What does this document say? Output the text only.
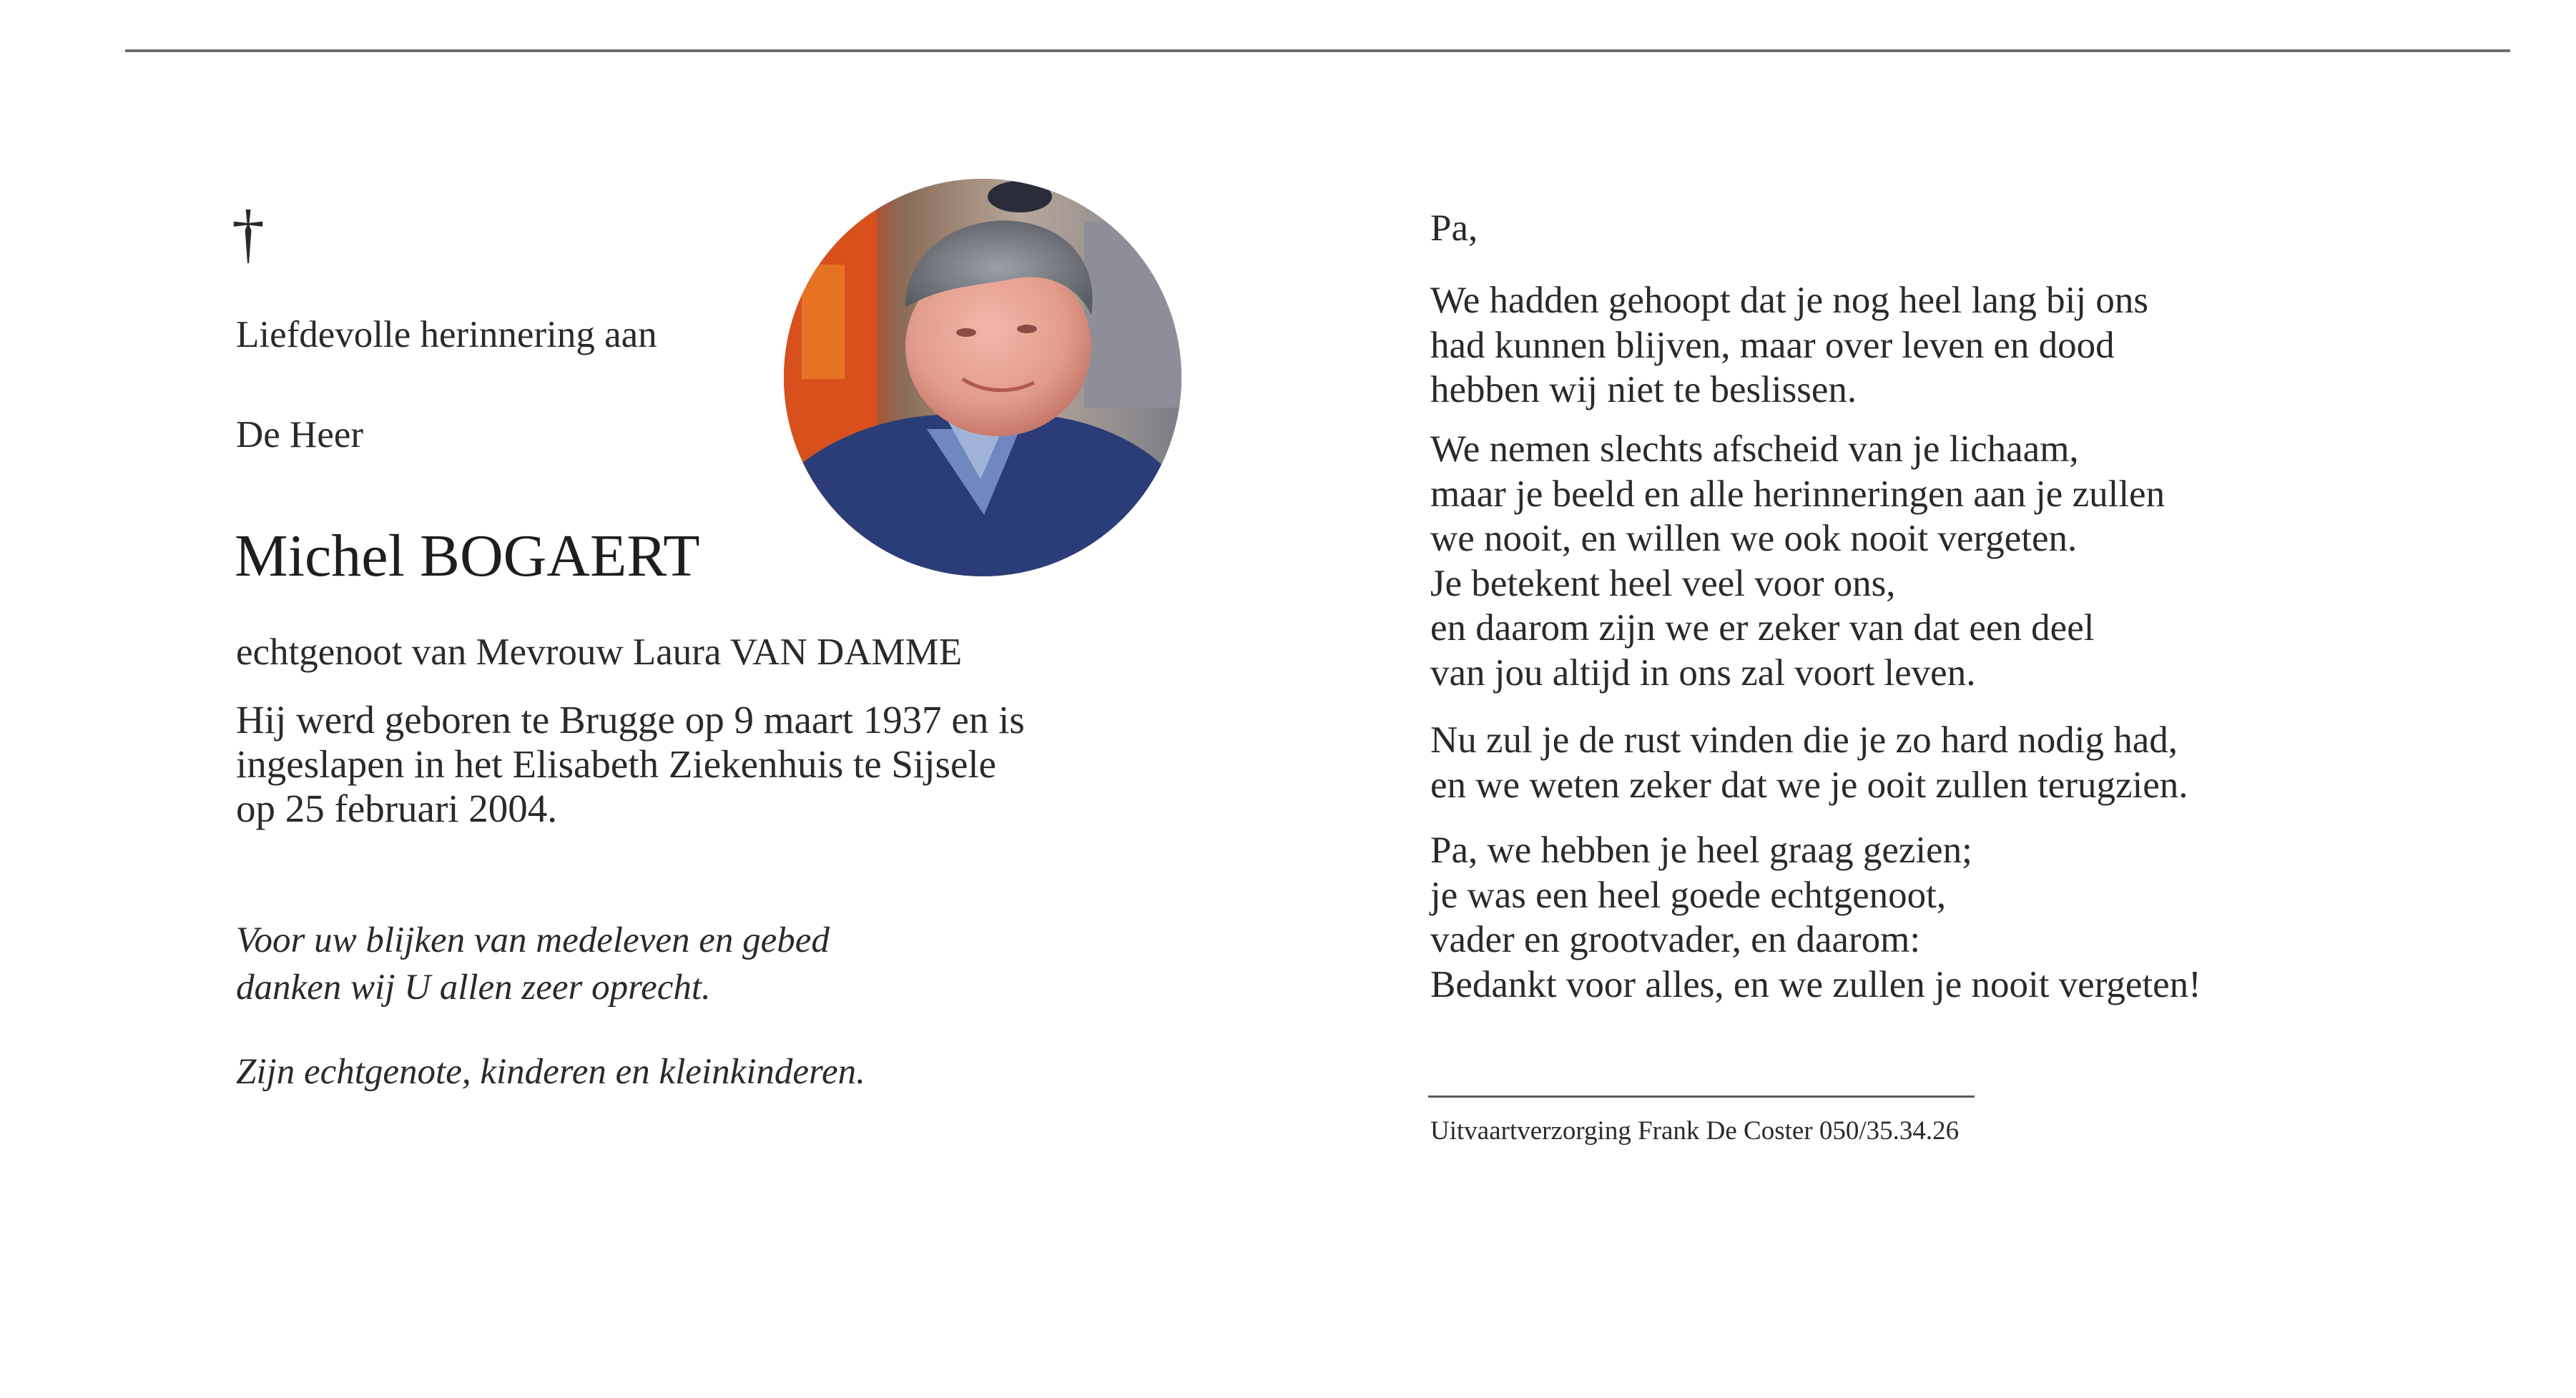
†
Liefdevolle herinnering aan
De Heer
Michel BOGAERT
echtgenoot van Mevrouw Laura VAN DAMME
Hij werd geboren te Brugge op 9 maart 1937 en is
ingeslapen in het Elisabeth Ziekenhuis te Sijsele
op 25 februari 2004.
Voor uw blijken van medeleven en gebed
danken wij U allen zeer oprecht.
Zijn echtgenote, kinderen en kleinkinderen.
Pa,
We hadden gehoopt dat je nog heel lang bij ons
had kunnen blijven, maar over leven en dood
hebben wij niet te beslissen.
We nemen slechts afscheid van je lichaam,
maar je beeld en alle herinneringen aan je zullen
we nooit, en willen we ook nooit vergeten.
Je betekent heel veel voor ons,
en daarom zijn we er zeker van dat een deel
van jou altijd in ons zal voort leven.
Nu zul je de rust vinden die je zo hard nodig had,
en we weten zeker dat we je ooit zullen terugzien.
Pa, we hebben je heel graag gezien;
je was een heel goede echtgenoot,
vader en grootvader, en daarom:
Bedankt voor alles, en we zullen je nooit vergeten!
Uitvaartverzorging Frank De Coster 050/35.34.26
